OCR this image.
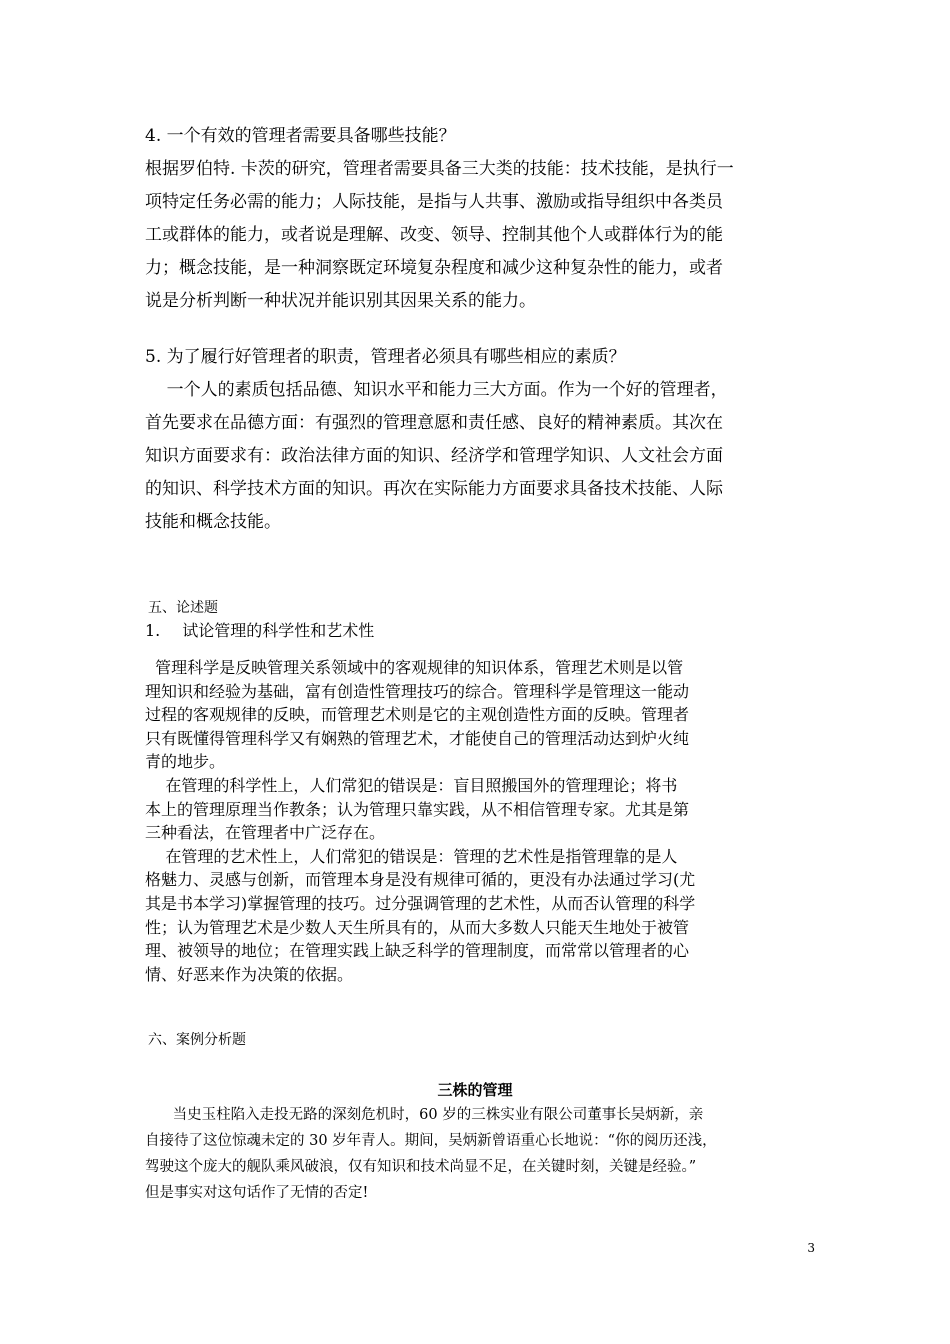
4. 一个有效的管理者需要具备哪些技能？
根据罗伯特. 卡茨的研究，管理者需要具备三大类的技能：技术技能，是执行一
项特定任务必需的能力；人际技能，是指与人共事、激励或指导组织中各类员
工或群体的能力，或者说是理解、改变、领导、控制其他个人或群体行为的能
力；概念技能，是一种洞察既定环境复杂程度和减少这种复杂性的能力，或者
说是分析判断一种状况并能识别其因果关系的能力。
5. 为了履行好管理者的职责，管理者必须具有哪些相应的素质？
一个人的素质包括品德、知识水平和能力三大方面。作为一个好的管理者，
首先要求在品德方面：有强烈的管理意愿和责任感、良好的精神素质。其次在
知识方面要求有：政治法律方面的知识、经济学和管理学知识、人文社会方面
的知识、科学技术方面的知识。再次在实际能力方面要求具备技术技能、人际
技能和概念技能。
五、论述题
1. 试论管理的科学性和艺术性
管理科学是反映管理关系领域中的客观规律的知识体系，管理艺术则是以管
理知识和经验为基础，富有创造性管理技巧的综合。管理科学是管理这一能动
过程的客观规律的反映，而管理艺术则是它的主观创造性方面的反映。管理者
只有既懂得管理科学又有娴熟的管理艺术，才能使自己的管理活动达到炉火纯
青的地步。
在管理的科学性上，人们常犯的错误是：盲目照搬国外的管理理论；将书
本上的管理原理当作教条；认为管理只靠实践，从不相信管理专家。尤其是第
三种看法，在管理者中广泛存在。
在管理的艺术性上，人们常犯的错误是：管理的艺术性是指管理靠的是人
格魅力、灵感与创新，而管理本身是没有规律可循的，更没有办法通过学习(尤
其是书本学习)掌握管理的技巧。过分强调管理的艺术性，从而否认管理的科学
性；认为管理艺术是少数人天生所具有的，从而大多数人只能天生地处于被管
理、被领导的地位；在管理实践上缺乏科学的管理制度，而常常以管理者的心
情、好恶来作为决策的依据。
六、案例分析题
三株的管理
当史玉柱陷入走投无路的深刻危机时，60 岁的三株实业有限公司董事长吴炳新，亲
自接待了这位惊魂未定的 30 岁年青人。期间，吴炳新曾语重心长地说：“你的阅历还浅，
驾驶这个庞大的舰队乘风破浪，仅有知识和技术尚显不足，在关键时刻，关键是经验。”
但是事实对这句话作了无情的否定!
3
